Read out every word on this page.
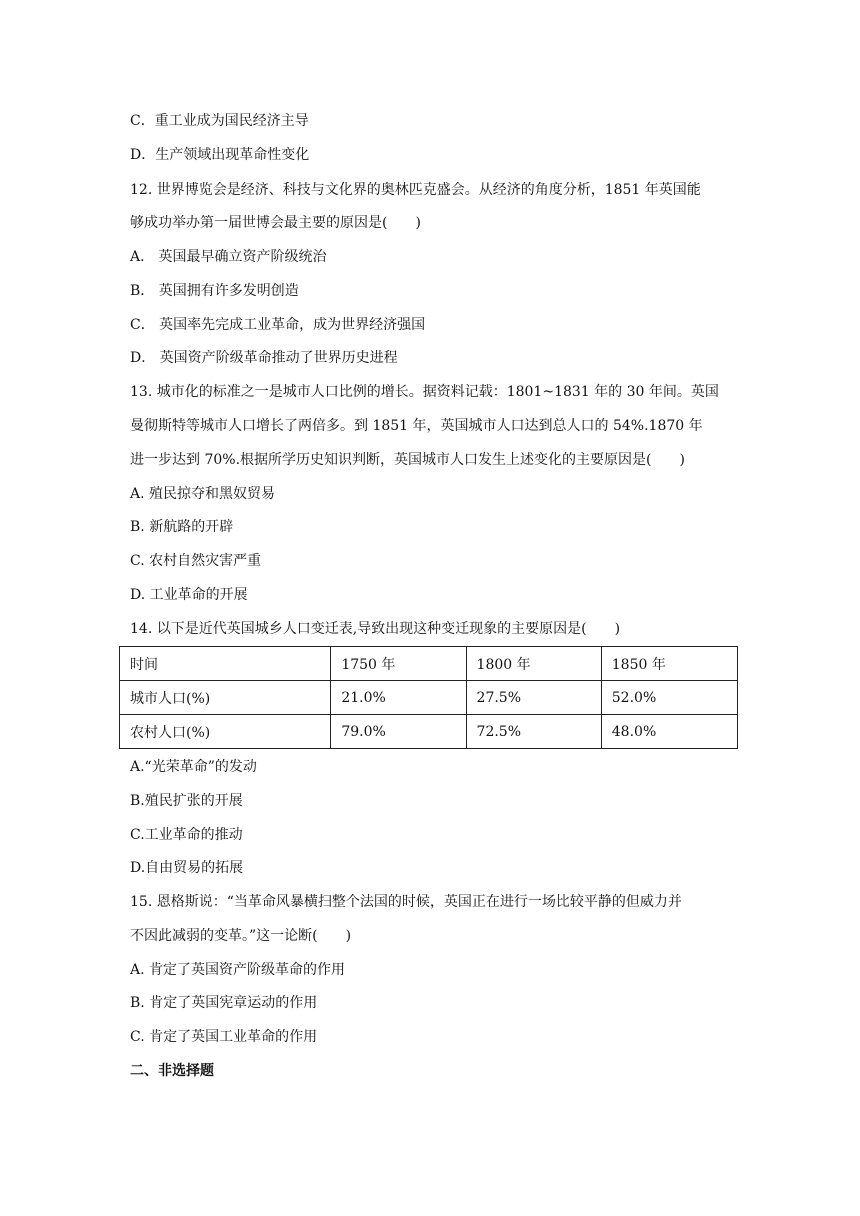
C．重工业成为国民经济主导
D．生产领域出现革命性变化
12. 世界博览会是经济、科技与文化界的奥林匹克盛会。从经济的角度分析，1851 年英国能
够成功举办第一届世博会最主要的原因是(　　)
A． 英国最早确立资产阶级统治
B． 英国拥有许多发明创造
C． 英国率先完成工业革命，成为世界经济强国
D． 英国资产阶级革命推动了世界历史进程
13. 城市化的标准之一是城市人口比例的增长。据资料记载：1801~1831 年的 30 年间。英国
曼彻斯特等城市人口增长了两倍多。到 1851 年，英国城市人口达到总人口的 54%.1870 年
进一步达到 70%.根据所学历史知识判断，英国城市人口发生上述变化的主要原因是(　　)
A. 殖民掠夺和黑奴贸易
B. 新航路的开辟
C. 农村自然灾害严重
D. 工业革命的开展
14. 以下是近代英国城乡人口变迁表,导致出现这种变迁现象的主要原因是(　　)
时间	1750 年	1800 年	1850 年
城市人口(%)	21.0%	27.5%	52.0%
农村人口(%)	79.0%	72.5%	48.0%
A.“光荣革命”的发动
B.殖民扩张的开展
C.工业革命的推动
D.自由贸易的拓展
15. 恩格斯说：“当革命风暴横扫整个法国的时候，英国正在进行一场比较平静的但威力并
不因此减弱的变革。”这一论断(　　)
A. 肯定了英国资产阶级革命的作用
B. 肯定了英国宪章运动的作用
C. 肯定了英国工业革命的作用
二、非选择题
